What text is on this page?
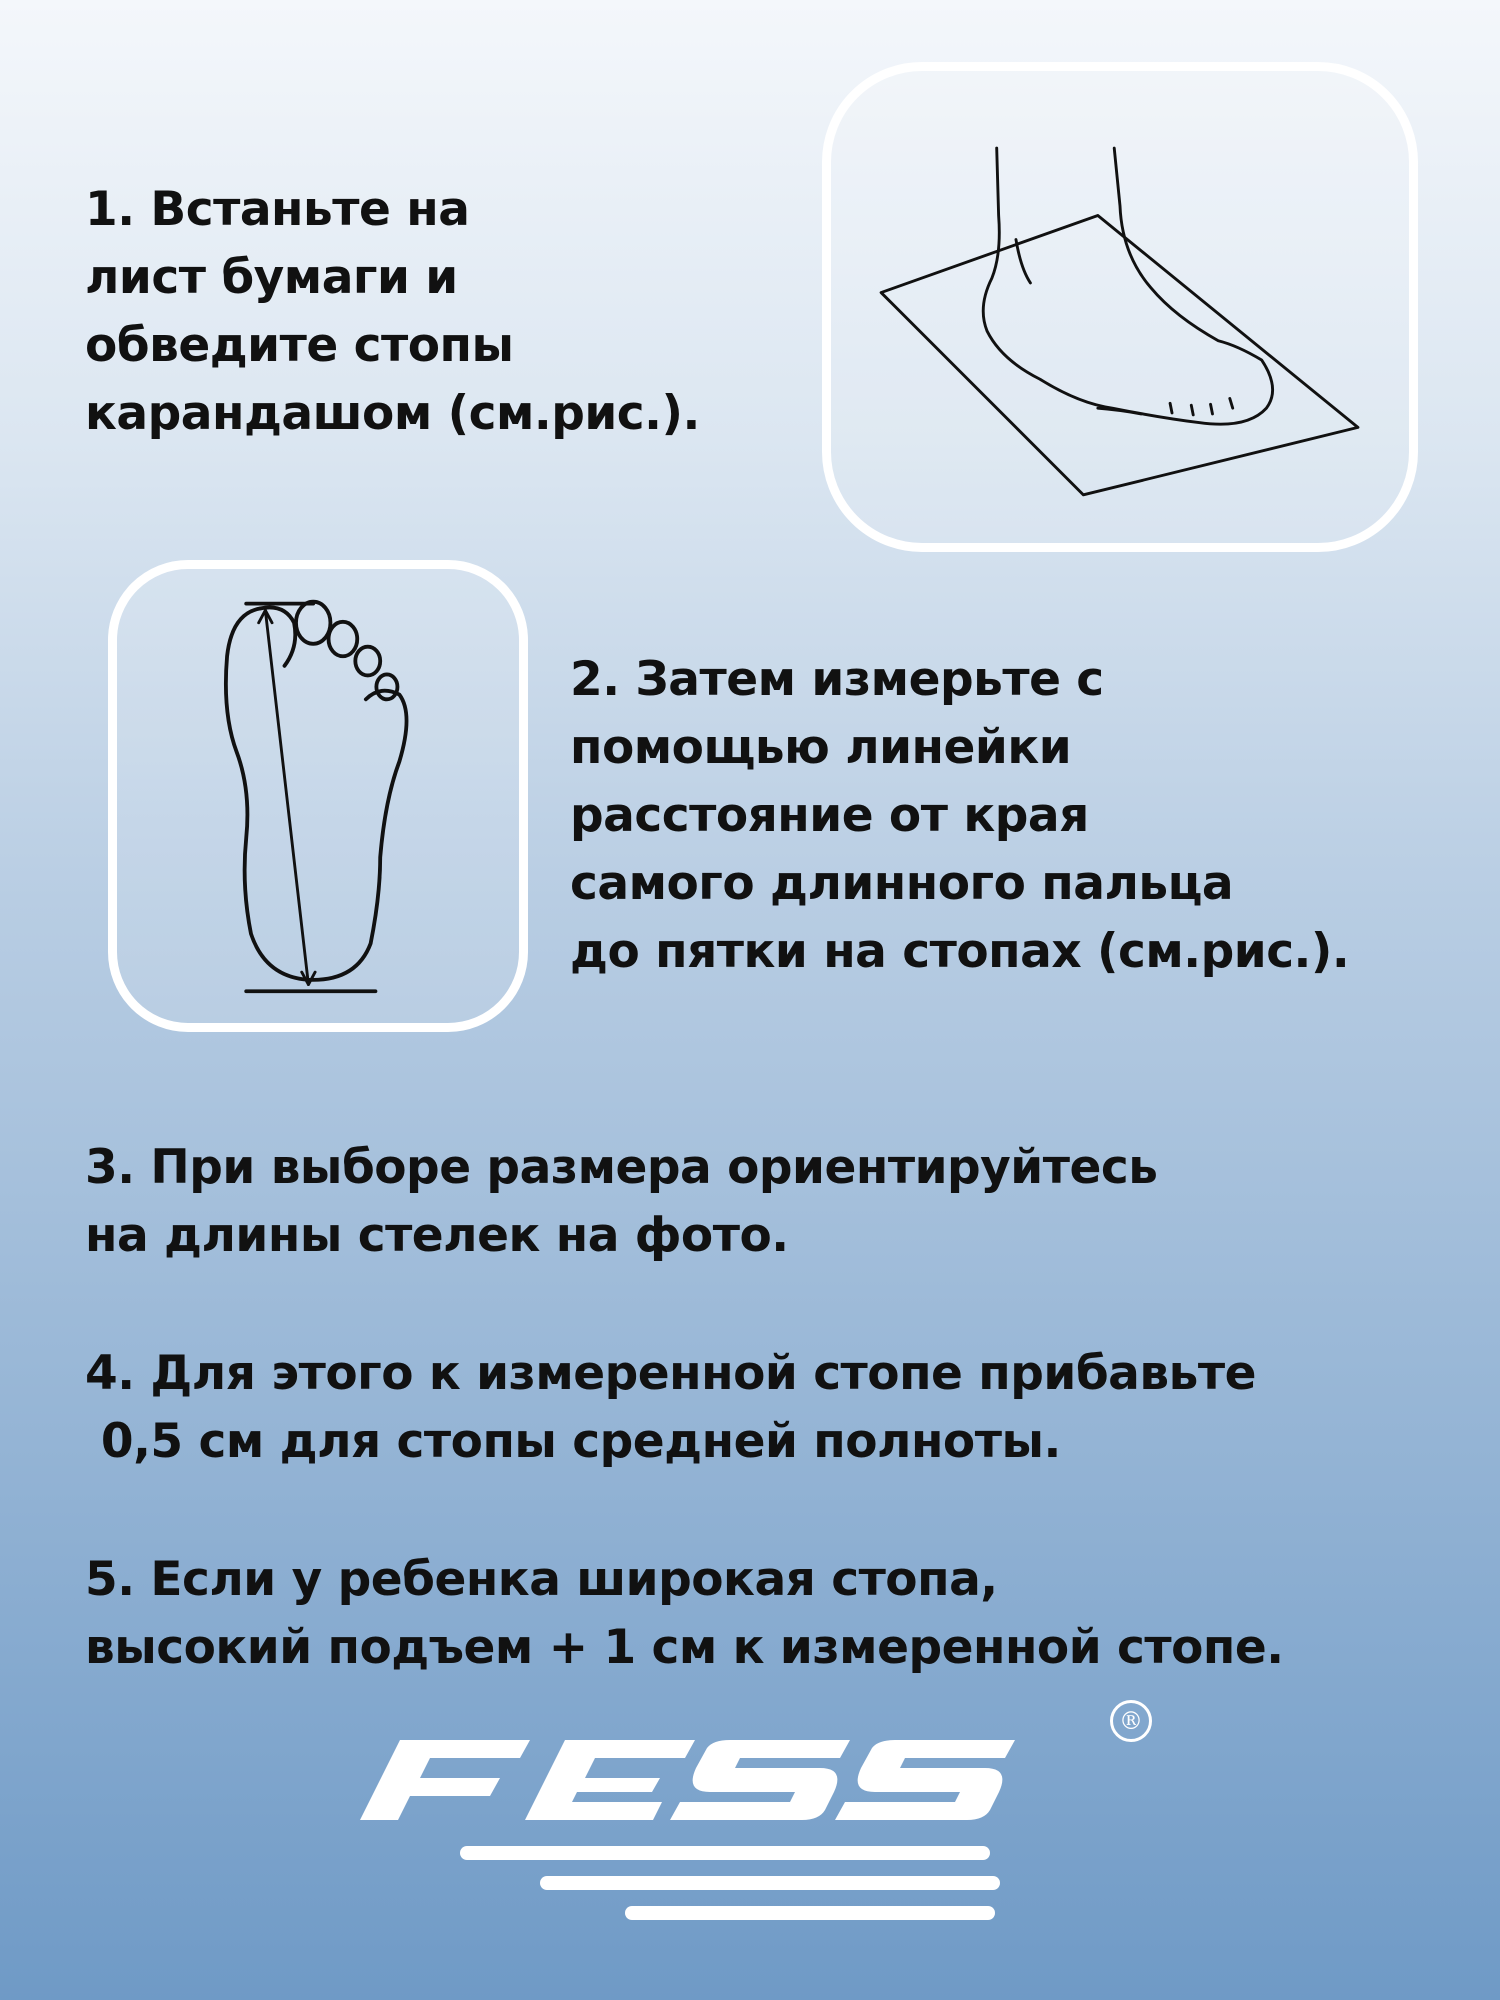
1. Встаньте на
лист бумаги и
обведите стопы
карандашом (см.рис.).

2. Затем измерьте с
помощью линейки
расстояние от края
самого длинного пальца
до пятки на стопах (см.рис.).

3. При выборе размера ориентируйтесь
на длины стелек на фото.

4. Для этого к измеренной стопе прибавьте
0,5 см для стопы средней полноты.

5. Если у ребенка широкая стопа,
высокий подъем + 1 см к измеренной стопе.

FESS
®
